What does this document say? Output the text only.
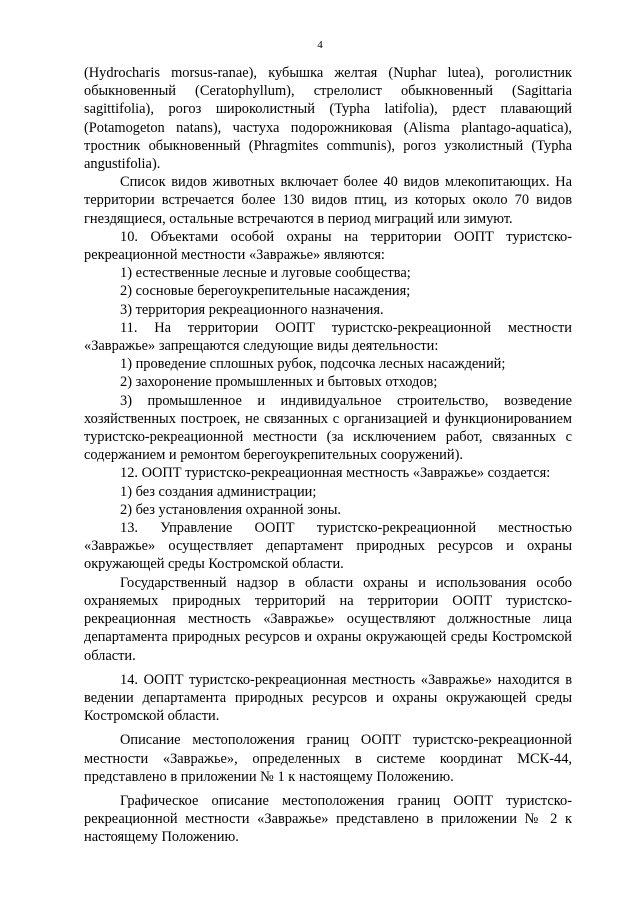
4

(Hydrocharis morsus-ranae), кубышка желтая (Nuphar lutea), роголистник обыкновенный (Ceratophyllum), стрелолист обыкновенный (Sagittaria sagittifolia), рогоз широколистный (Typha latifolia), рдест плавающий (Potamogeton natans), частуха подорожниковая (Alisma plantago-aquatica), тростник обыкновенный (Phragmites communis), рогоз узколистный (Typha angustifolia).

Список видов животных включает более 40 видов млекопитающих. На территории встречается более 130 видов птиц, из которых около 70 видов гнездящиеся, остальные встречаются в период миграций или зимуют.

10. Объектами особой охраны на территории ООПТ туристско-рекреационной местности «Завражье» являются:

1) естественные лесные и луговые сообщества;

2) сосновые берегоукрепительные насаждения;

3) территория рекреационного назначения.

11. На территории ООПТ туристско-рекреационной местности «Завражье» запрещаются следующие виды деятельности:

1) проведение сплошных рубок, подсочка лесных насаждений;

2) захоронение промышленных и бытовых отходов;

3) промышленное и индивидуальное строительство, возведение хозяйственных построек, не связанных с организацией и функционированием туристско-рекреационной местности (за исключением работ, связанных с содержанием и ремонтом берегоукрепительных сооружений).

12. ООПТ туристско-рекреационная местность «Завражье» создается:

1) без создания администрации;

2) без установления охранной зоны.

13. Управление ООПТ туристско-рекреационной местностью «Завражье» осуществляет департамент природных ресурсов и охраны окружающей среды Костромской области.

Государственный надзор в области охраны и использования особо охраняемых природных территорий на территории ООПТ туристско-рекреационная местность «Завражье» осуществляют должностные лица департамента природных ресурсов и охраны окружающей среды Костромской области.

14. ООПТ туристско-рекреационная местность «Завражье» находится в ведении департамента природных ресурсов и охраны окружающей среды Костромской области.

Описание местоположения границ ООПТ туристско-рекреационной местности «Завражье», определенных в системе координат МСК-44, представлено в приложении № 1 к настоящему Положению.

Графическое описание местоположения границ ООПТ туристско-рекреационной местности «Завражье» представлено в приложении № 2 к настоящему Положению.
